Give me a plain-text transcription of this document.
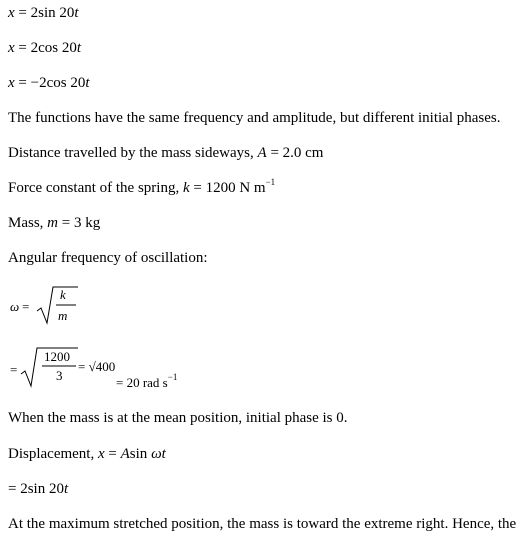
x = 2sin 20t
x = 2cos 20t
x = −2cos 20t
The functions have the same frequency and amplitude, but different initial phases.
Distance travelled by the mass sideways, A = 2.0 cm
Force constant of the spring, k = 1200 N $m^{-1}$
Mass, m = 3 kg
Angular frequency of oscillation:
ω =
k
m
=
1200
3
= √400
= 20 rad $s^{-1}$
When the mass is at the mean position, initial phase is 0.
Displacement, x = Asin ωt
= 2sin 20t
At the maximum stretched position, the mass is toward the extreme right. Hence, the
